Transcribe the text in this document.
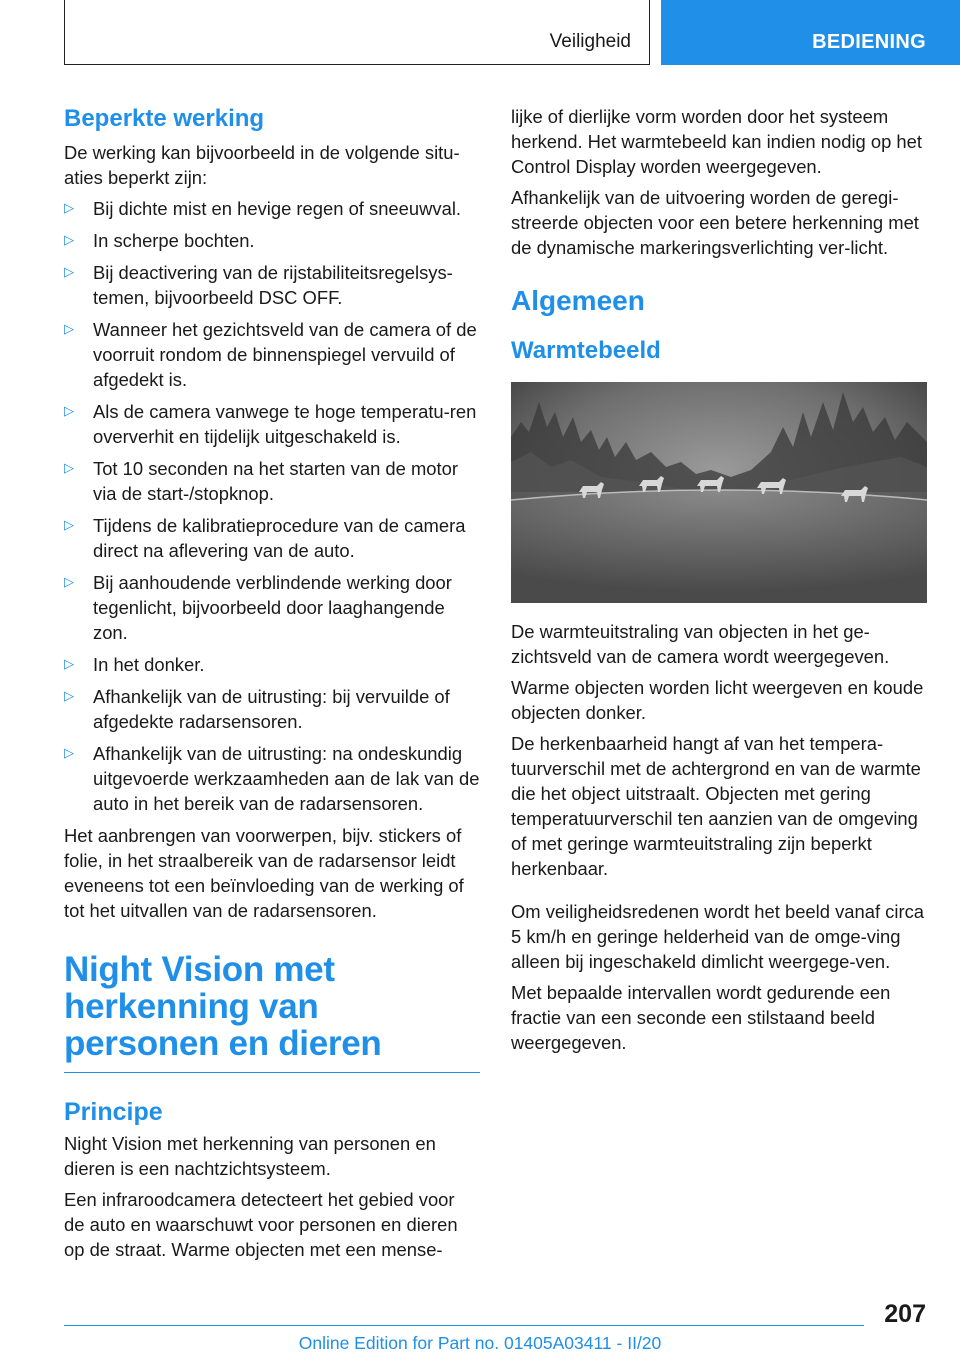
Veiligheid	BEDIENING
Beperkte werking

De werking kan bijvoorbeeld in de volgende situ-aties beperkt zijn:

▷ Bij dichte mist en hevige regen of sneeuwval.
▷ In scherpe bochten.
▷ Bij deactivering van de rijstabiliteitsregelsys-temen, bijvoorbeeld DSC OFF.
▷ Wanneer het gezichtsveld van de camera of de voorruit rondom de binnenspiegel vervuild of afgedekt is.
▷ Als de camera vanwege te hoge temperatu-ren oververhit en tijdelijk uitgeschakeld is.
▷ Tot 10 seconden na het starten van de motor via de start-/stopknop.
▷ Tijdens de kalibratieprocedure van de camera direct na aflevering van de auto.
▷ Bij aanhoudende verblindende werking door tegenlicht, bijvoorbeeld door laaghangende zon.
▷ In het donker.
▷ Afhankelijk van de uitrusting: bij vervuilde of afgedekte radarsensoren.
▷ Afhankelijk van de uitrusting: na ondeskundig uitgevoerde werkzaamheden aan de lak van de auto in het bereik van de radarsensoren.

Het aanbrengen van voorwerpen, bijv. stickers of folie, in het straalbereik van de radarsensor leidt eveneens tot een beïnvloeding van de werking of tot het uitvallen van de radarsensoren.

Night Vision met herkenning van personen en dieren
Principe

Night Vision met herkenning van personen en dieren is een nachtzichtsysteem.

Een infraroodcamera detecteert het gebied voor de auto en waarschuwt voor personen en dieren op de straat. Warme objecten met een mense-

lijke of dierlijke vorm worden door het systeem herkend. Het warmtebeeld kan indien nodig op het Control Display worden weergegeven.

Afhankelijk van de uitvoering worden de geregi-streerde objecten voor een betere herkenning met de dynamische markeringsverlichting ver-licht.

Algemeen
Warmtebeeld

De warmteuitstraling van objecten in het ge-zichtsveld van de camera wordt weergegeven.

Warme objecten worden licht weergeven en koude objecten donker.

De herkenbaarheid hangt af van het tempera-tuurverschil met de achtergrond en van de warmte die het object uitstraalt. Objecten met gering temperatuurverschil ten aanzien van de omgeving of met geringe warmteuitstraling zijn beperkt herkenbaar.

Om veiligheidsredenen wordt het beeld vanaf circa 5 km/h en geringe helderheid van de omge-ving alleen bij ingeschakeld dimlicht weergege-ven.

Met bepaalde intervallen wordt gedurende een fractie van een seconde een stilstaand beeld weergegeven.

207
Online Edition for Part no. 01405A03411 - II/20
